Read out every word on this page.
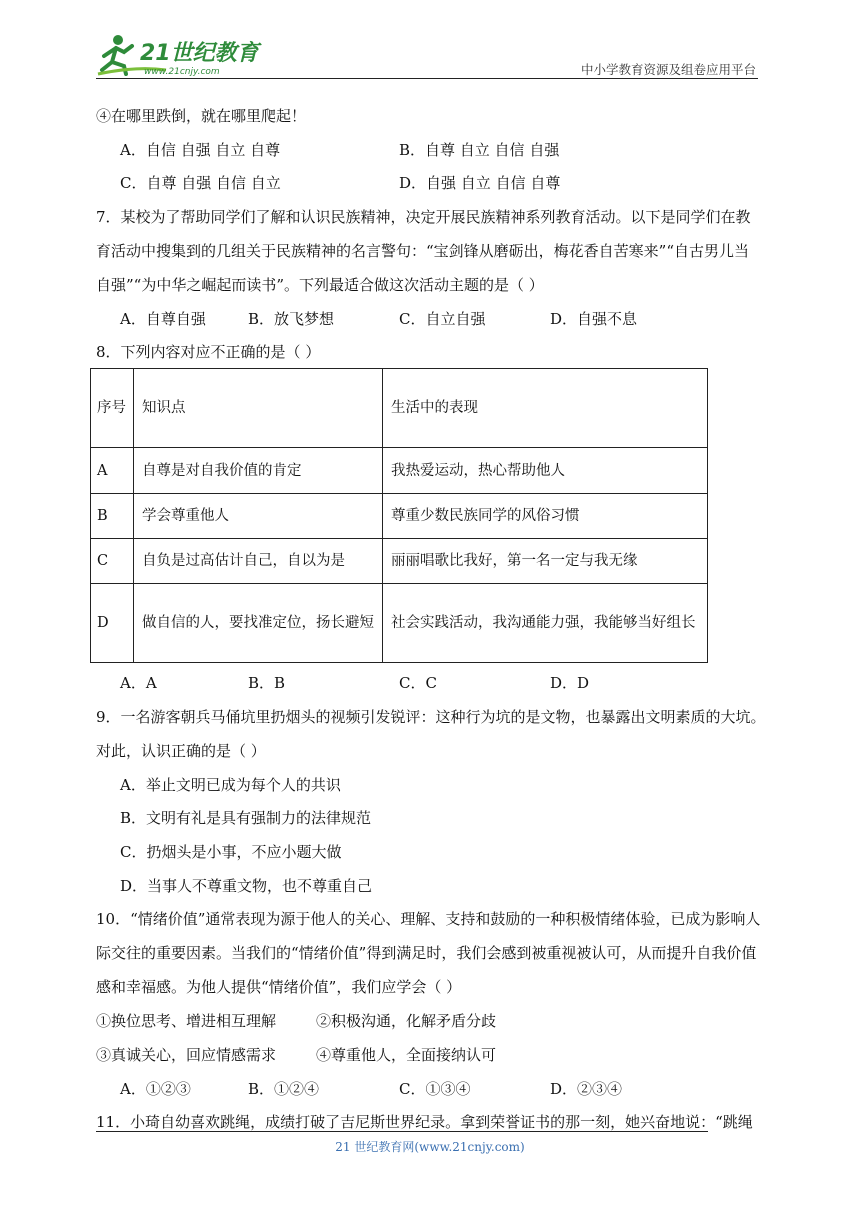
21世纪教育
www.21cnjy.com	中小学教育资源及组卷应用平台
④在哪里跌倒，就在哪里爬起！
A．自信 自强 自立 自尊	B．自尊 自立 自信 自强
C．自尊 自强 自信 自立	D．自强 自立 自信 自尊
7．某校为了帮助同学们了解和认识民族精神，决定开展民族精神系列教育活动。以下是同学们在教
育活动中搜集到的几组关于民族精神的名言警句：“宝剑锋从磨砺出，梅花香自苦寒来”“自古男儿当
自强”“为中华之崛起而读书”。下列最适合做这次活动主题的是（ ）
A．自尊自强	B．放飞梦想	C．自立自强	D．自强不息
8．下列内容对应不正确的是（ ）
序号	知识点	生活中的表现
A	自尊是对自我价值的肯定	我热爱运动，热心帮助他人
B	学会尊重他人	尊重少数民族同学的风俗习惯
C	自负是过高估计自己，自以为是	丽丽唱歌比我好，第一名一定与我无缘
D	做自信的人，要找准定位，扬长避短	社会实践活动，我沟通能力强，我能够当好组长
A．A	B．B	C．C	D．D
9．一名游客朝兵马俑坑里扔烟头的视频引发锐评：这种行为坑的是文物，也暴露出文明素质的大坑。
对此，认识正确的是（ ）
A．举止文明已成为每个人的共识
B．文明有礼是具有强制力的法律规范
C．扔烟头是小事，不应小题大做
D．当事人不尊重文物，也不尊重自己
10．“情绪价值”通常表现为源于他人的关心、理解、支持和鼓励的一种积极情绪体验，已成为影响人
际交往的重要因素。当我们的“情绪价值”得到满足时，我们会感到被重视被认可，从而提升自我价值
感和幸福感。为他人提供“情绪价值”，我们应学会（ ）
①换位思考、增进相互理解	②积极沟通，化解矛盾分歧
③真诚关心，回应情感需求	④尊重他人，全面接纳认可
A．①②③	B．①②④	C．①③④	D．②③④
11．小琦自幼喜欢跳绳，成绩打破了吉尼斯世界纪录。拿到荣誉证书的那一刻，她兴奋地说：“跳绳
21 世纪教育网(www.21cnjy.com)
